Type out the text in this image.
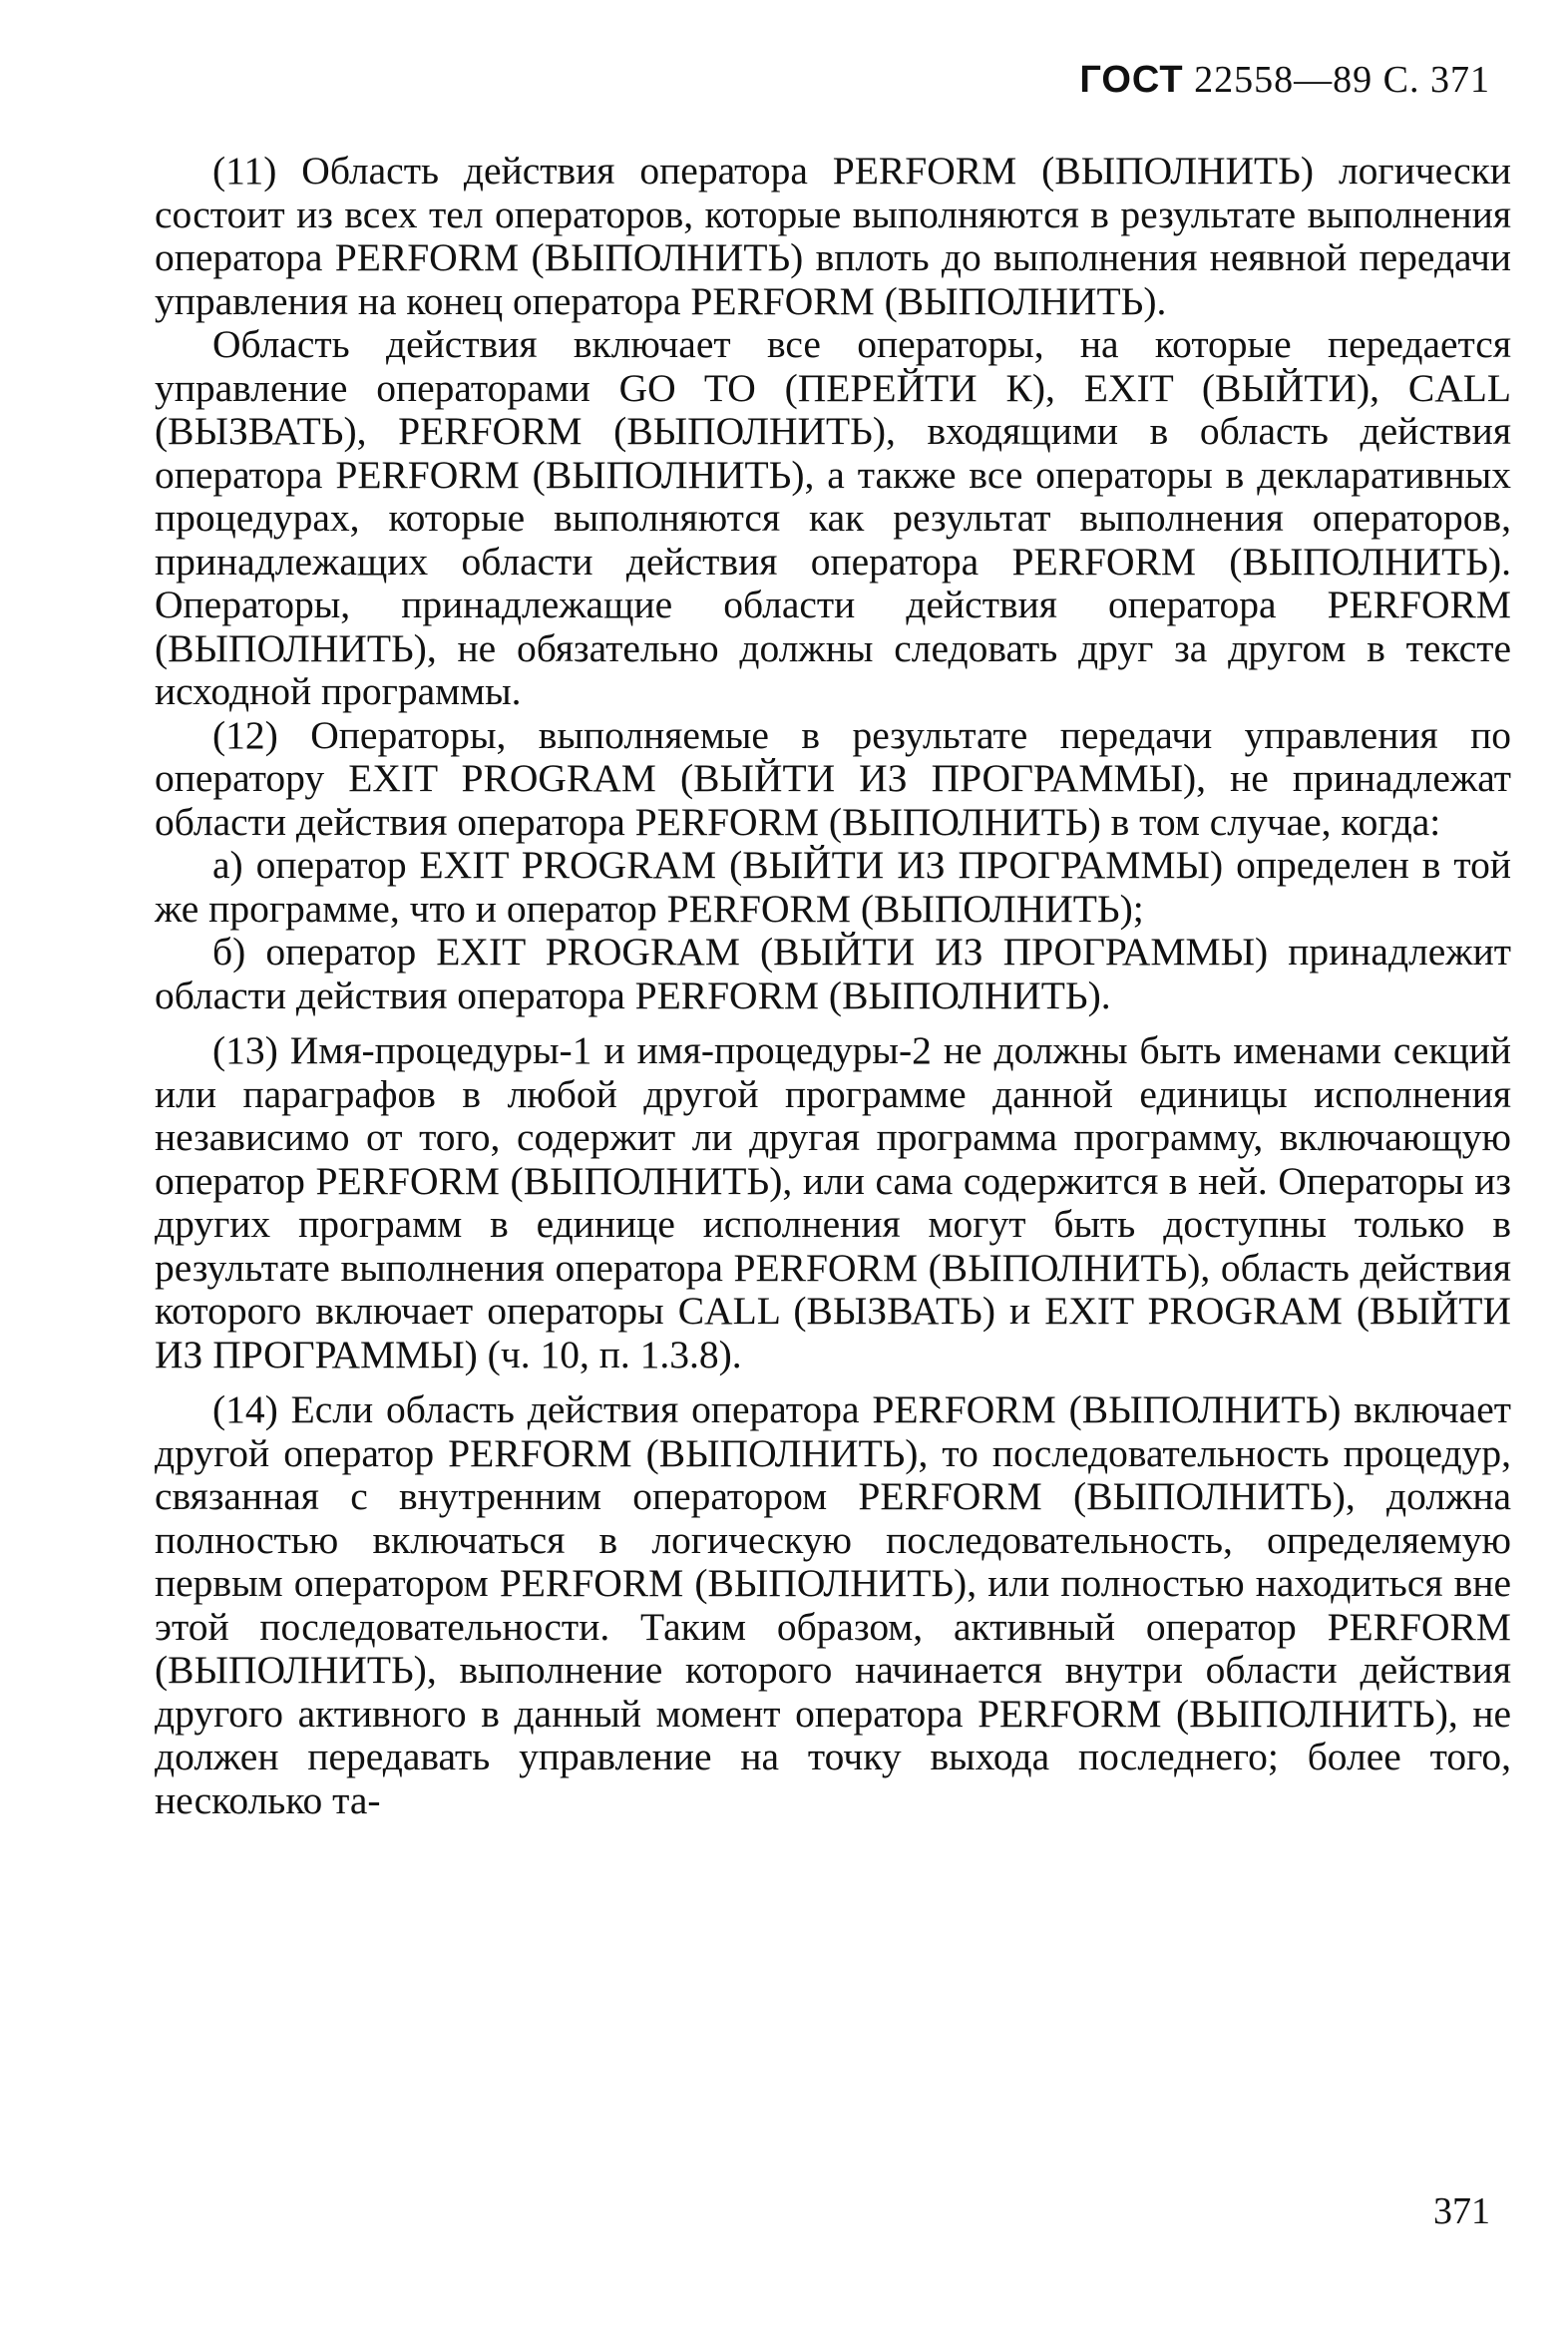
ГОСТ 22558—89 С. 371

(11) Область действия оператора PERFORM (ВЫПОЛНИТЬ) логически состоит из всех тел операторов, которые выполняются в результате выполнения оператора PERFORM (ВЫПОЛНИТЬ) вплоть до выполнения неявной передачи управления на конец оператора PERFORM (ВЫПОЛНИТЬ).

Область действия включает все операторы, на которые передается управление операторами GO TO (ПЕРЕЙТИ К), EXIT (ВЫЙТИ), CALL (ВЫЗВАТЬ), PERFORM (ВЫПОЛНИТЬ), входящими в область действия оператора PERFORM (ВЫПОЛНИТЬ), а также все операторы в декларативных процедурах, которые выполняются как результат выполнения операторов, принадлежащих области действия оператора PERFORM (ВЫПОЛНИТЬ). Операторы, принадлежащие области действия оператора PERFORM (ВЫПОЛНИТЬ), не обязательно должны следовать друг за другом в тексте исходной программы.

(12) Операторы, выполняемые в результате передачи управления по оператору EXIT PROGRAM (ВЫЙТИ ИЗ ПРОГРАММЫ), не принадлежат области действия оператора PERFORM (ВЫПОЛНИТЬ) в том случае, когда:

а) оператор EXIT PROGRAM (ВЫЙТИ ИЗ ПРОГРАММЫ) определен в той же программе, что и оператор PERFORM (ВЫПОЛНИТЬ);

б) оператор EXIT PROGRAM (ВЫЙТИ ИЗ ПРОГРАММЫ) принадлежит области действия оператора PERFORM (ВЫПОЛНИТЬ).

(13) Имя-процедуры-1 и имя-процедуры-2 не должны быть именами секций или параграфов в любой другой программе данной единицы исполнения независимо от того, содержит ли другая программа программу, включающую оператор PERFORM (ВЫПОЛНИТЬ), или сама содержится в ней. Операторы из других программ в единице исполнения могут быть доступны только в результате выполнения оператора PERFORM (ВЫПОЛНИТЬ), область действия которого включает операторы CALL (ВЫЗВАТЬ) и EXIT PROGRAM (ВЫЙТИ ИЗ ПРОГРАММЫ) (ч. 10, п. 1.3.8).

(14) Если область действия оператора PERFORM (ВЫПОЛНИТЬ) включает другой оператор PERFORM (ВЫПОЛНИТЬ), то последовательность процедур, связанная с внутренним оператором PERFORM (ВЫПОЛНИТЬ), должна полностью включаться в логическую последовательность, определяемую первым оператором PERFORM (ВЫПОЛНИТЬ), или полностью находиться вне этой последовательности. Таким образом, активный оператор PERFORM (ВЫПОЛНИТЬ), выполнение которого начинается внутри области действия другого активного в данный момент оператора PERFORM (ВЫПОЛНИТЬ), не должен передавать управление на точку выхода последнего; более того, несколько та-

371
